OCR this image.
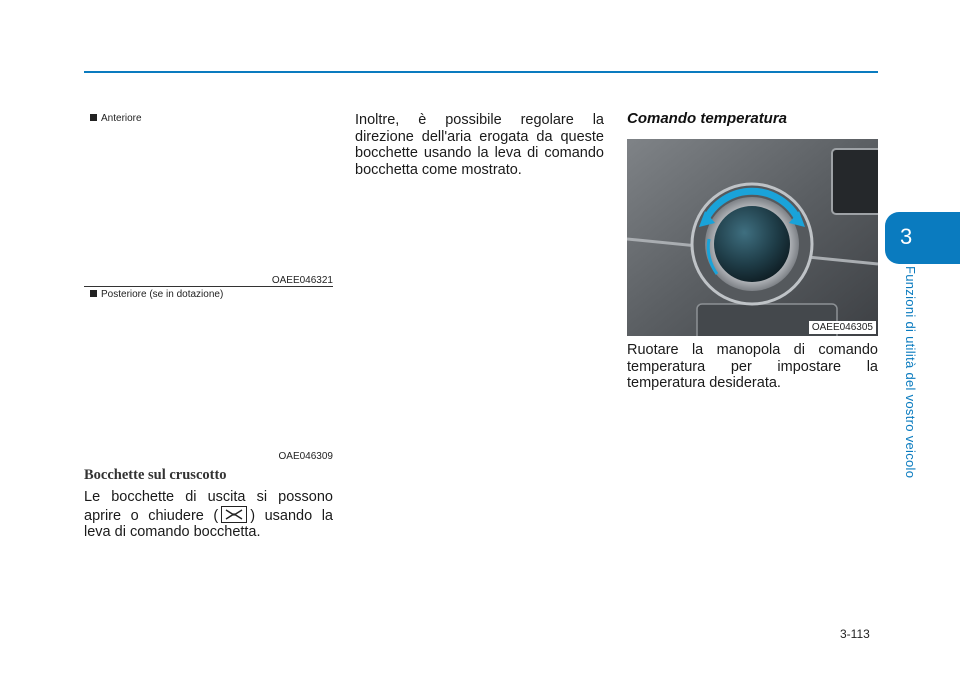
Anteriore
OAEE046321
Posteriore (se in dotazione)
OAE046309
Bocchette sul cruscotto
Le bocchette di uscita si possono aprire o chiudere ( ) usando la leva di comando bocchetta.
Inoltre, è possibile regolare la direzione dell'aria erogata da queste bocchette usando la leva di comando bocchetta come mostrato.
Comando temperatura
OAEE046305
Ruotare la manopola di comando temperatura per impostare la temperatura desiderata.
3
Funzioni di utilità del vostro veicolo
3-113
